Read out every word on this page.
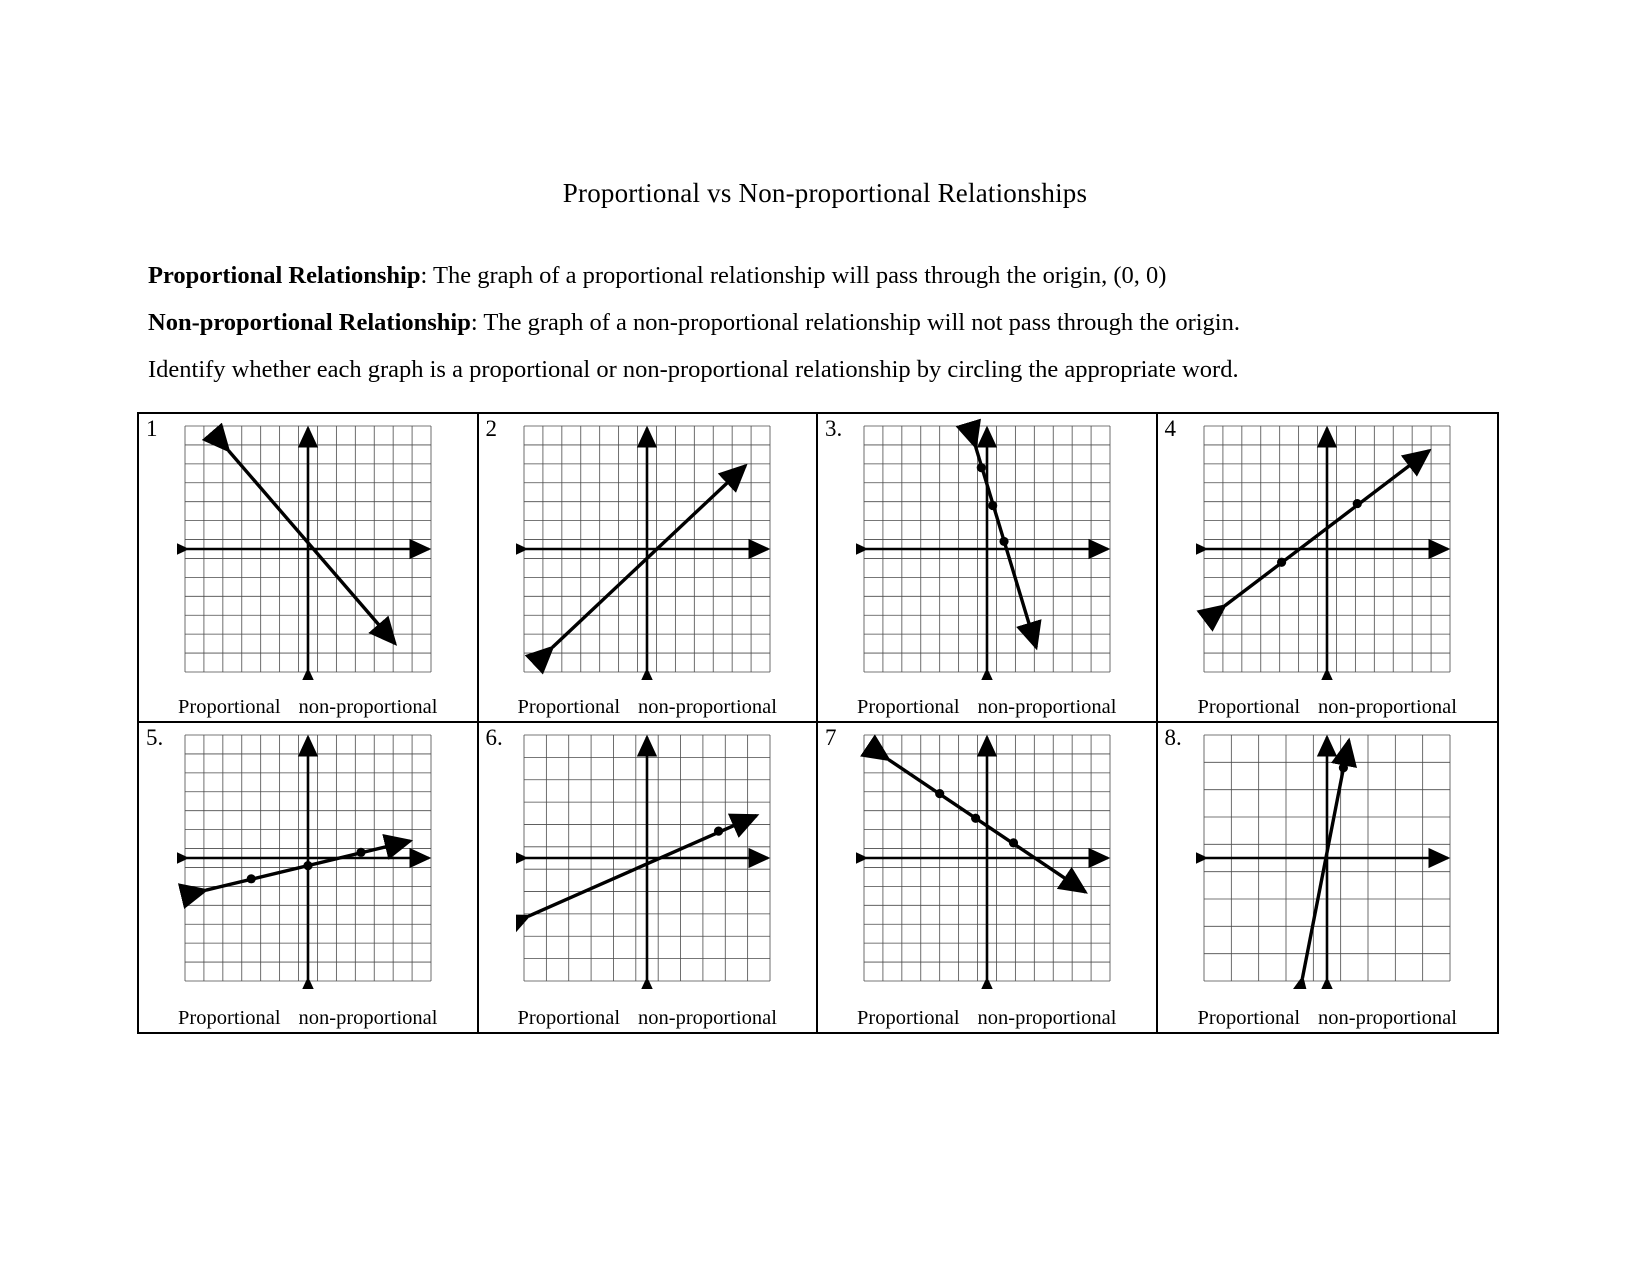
Proportional vs Non-proportional Relationships

Proportional Relationship: The graph of a proportional relationship will pass through the origin, (0, 0)

Non-proportional Relationship: The graph of a non-proportional relationship will not pass through the origin.

Identify whether each graph is a proportional or non-proportional relationship by circling the appropriate word.

1
Proportional non-proportional
2
Proportional non-proportional
3.
Proportional non-proportional
4
Proportional non-proportional
5.
Proportional non-proportional
6.
Proportional non-proportional
7
Proportional non-proportional
8.
Proportional non-proportional
